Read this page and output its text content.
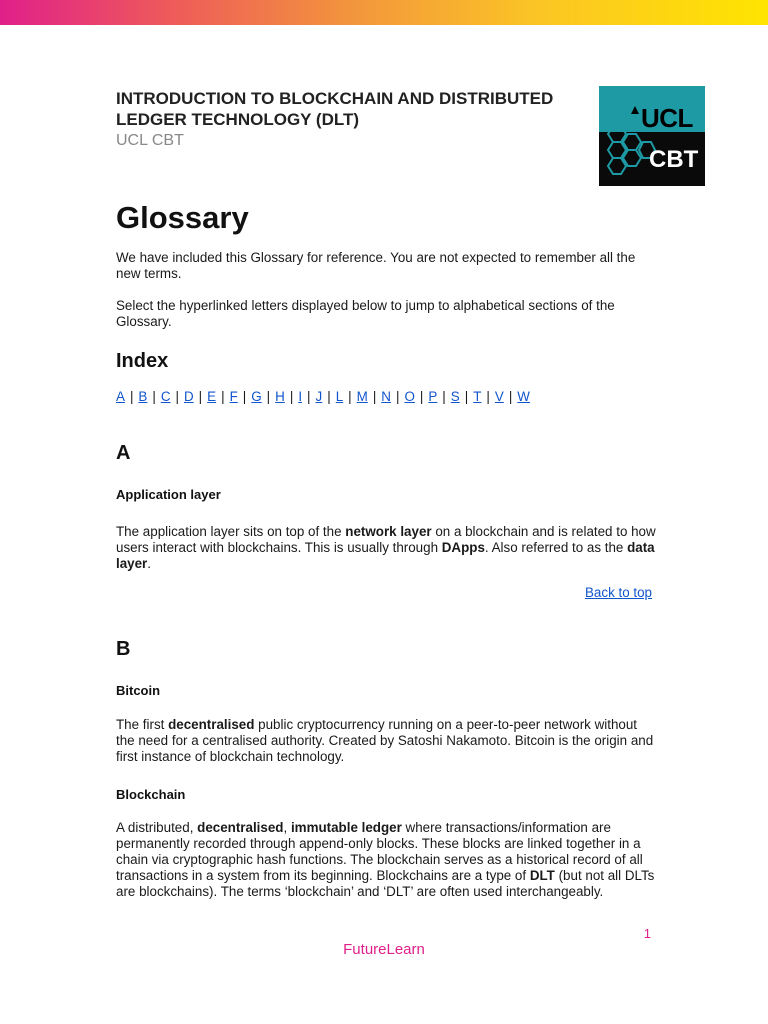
INTRODUCTION TO BLOCKCHAIN AND DISTRIBUTED LEDGER TECHNOLOGY (DLT)
UCL CBT
UCL
CBT
Glossary
We have included this Glossary for reference. You are not expected to remember all the new terms.
Select the hyperlinked letters displayed below to jump to alphabetical sections of the Glossary.
Index
A | B | C | D | E | F | G | H | I | J | L | M | N | O | P | S | T | V | W
A
Application layer
The application layer sits on top of the network layer on a blockchain and is related to how users interact with blockchains. This is usually through DApps. Also referred to as the data layer.
Back to top
B
Bitcoin
The first decentralised public cryptocurrency running on a peer-to-peer network without the need for a centralised authority. Created by Satoshi Nakamoto. Bitcoin is the origin and first instance of blockchain technology.
Blockchain
A distributed, decentralised, immutable ledger where transactions/information are permanently recorded through append-only blocks. These blocks are linked together in a chain via cryptographic hash functions. The blockchain serves as a historical record of all transactions in a system from its beginning. Blockchains are a type of DLT (but not all DLTs are blockchains). The terms ‘blockchain’ and ‘DLT’ are often used interchangeably.
1
FutureLearn
